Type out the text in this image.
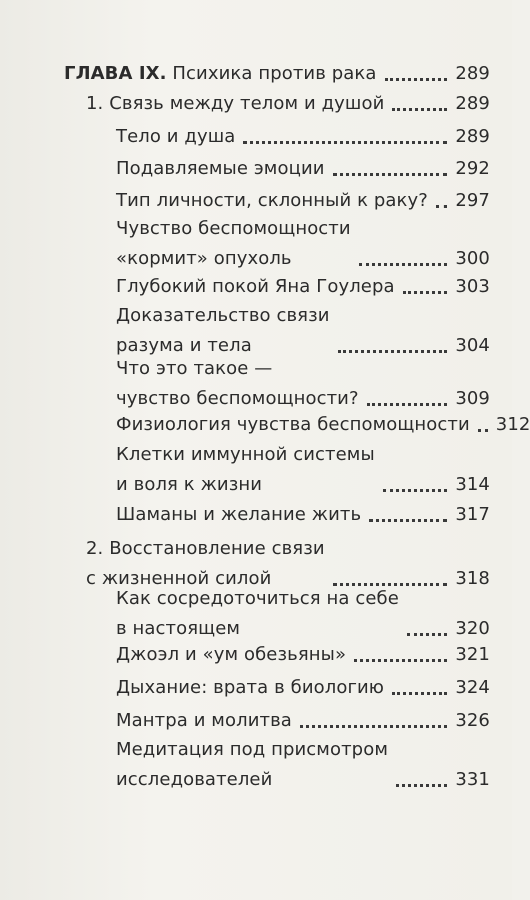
ГЛАВА IX. Психика против рака	289
1. Связь между телом и душой	289
Тело и душа	289
Подавляемые эмоции	292
Тип личности, склонный к раку? 297
Чувство беспомощности
«кормит» опухоль	300
Глубокий покой Яна Гоулера	303
Доказательство связи
разума и тела	304
Что это такое —
чувство беспомощности?	309
Физиология чувства беспомощности 312
Клетки иммунной системы
и воля к жизни	314
Шаманы и желание жить	317
2. Восстановление связи
с жизненной силой	318
Как сосредоточиться на себе
в настоящем	320
Джоэл и «ум обезьяны»	321
Дыхание: врата в биологию	324
Мантра и молитва	326
Медитация под присмотром
исследователей	331
